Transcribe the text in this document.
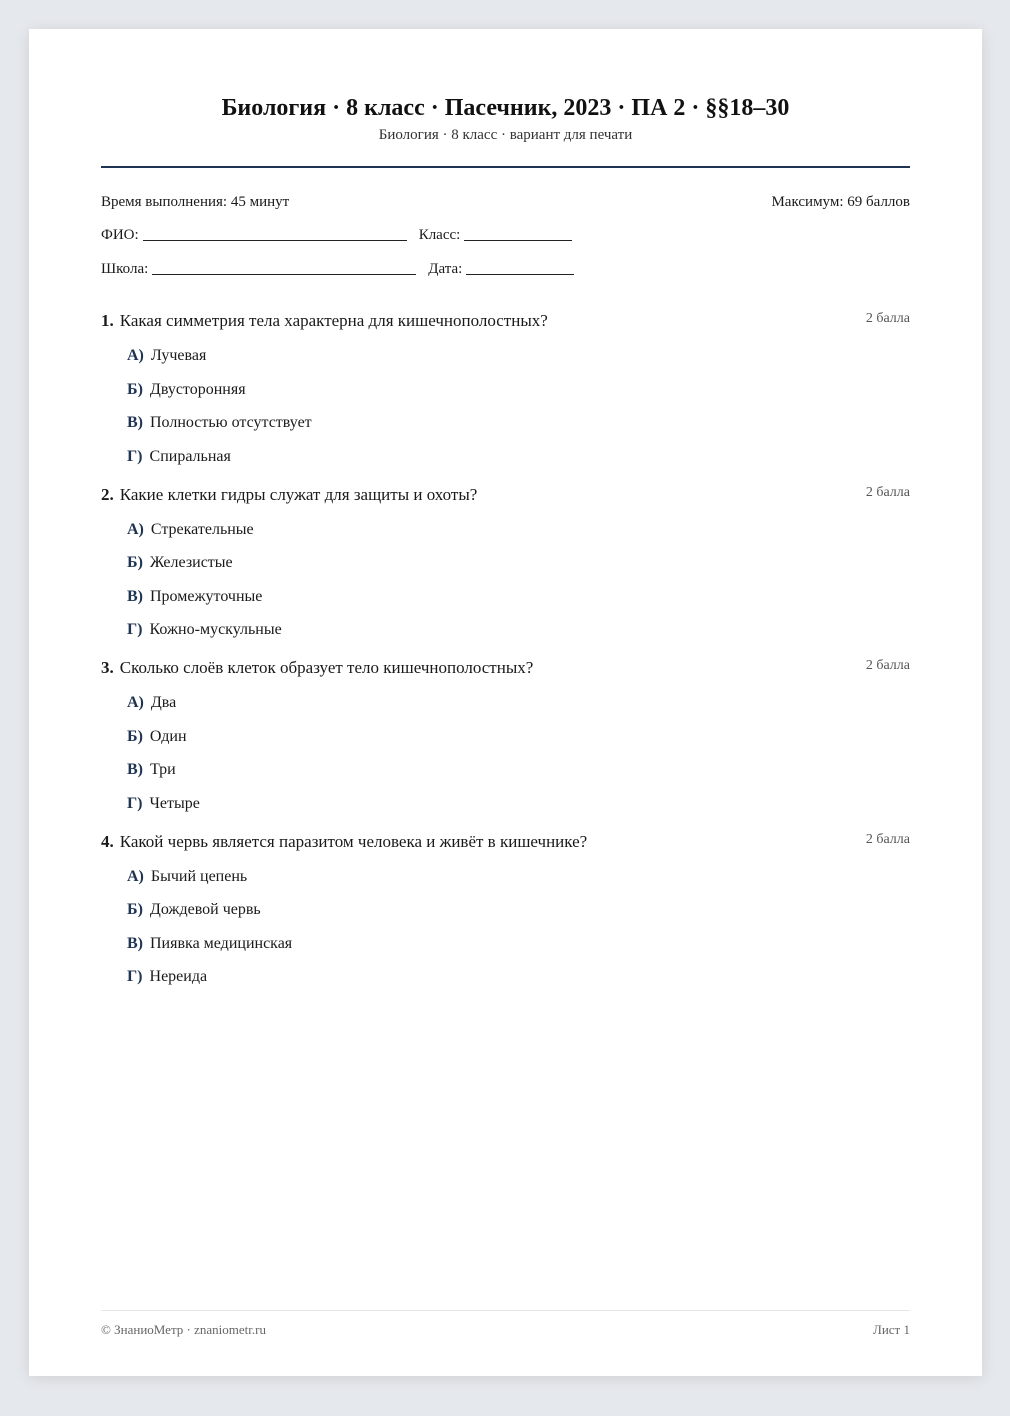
Биология · 8 класс · Пасечник, 2023 · ПА 2 · §§18–30
Биология · 8 класс · вариант для печати
Время выполнения: 45 минут	Максимум: 69 баллов
ФИО:	Класс:
Школа:	Дата:
1. Какая симметрия тела характерна для кишечнополостных?	2 балла
А) Лучевая
Б) Двусторонняя
В) Полностью отсутствует
Г) Спиральная
2. Какие клетки гидры служат для защиты и охоты?	2 балла
А) Стрекательные
Б) Железистые
В) Промежуточные
Г) Кожно-мускульные
3. Сколько слоёв клеток образует тело кишечнополостных?	2 балла
А) Два
Б) Один
В) Три
Г) Четыре
4. Какой червь является паразитом человека и живёт в кишечнике?	2 балла
А) Бычий цепень
Б) Дождевой червь
В) Пиявка медицинская
Г) Нереида
© ЗнаниоМетр · znaniometr.ru	Лист 1
